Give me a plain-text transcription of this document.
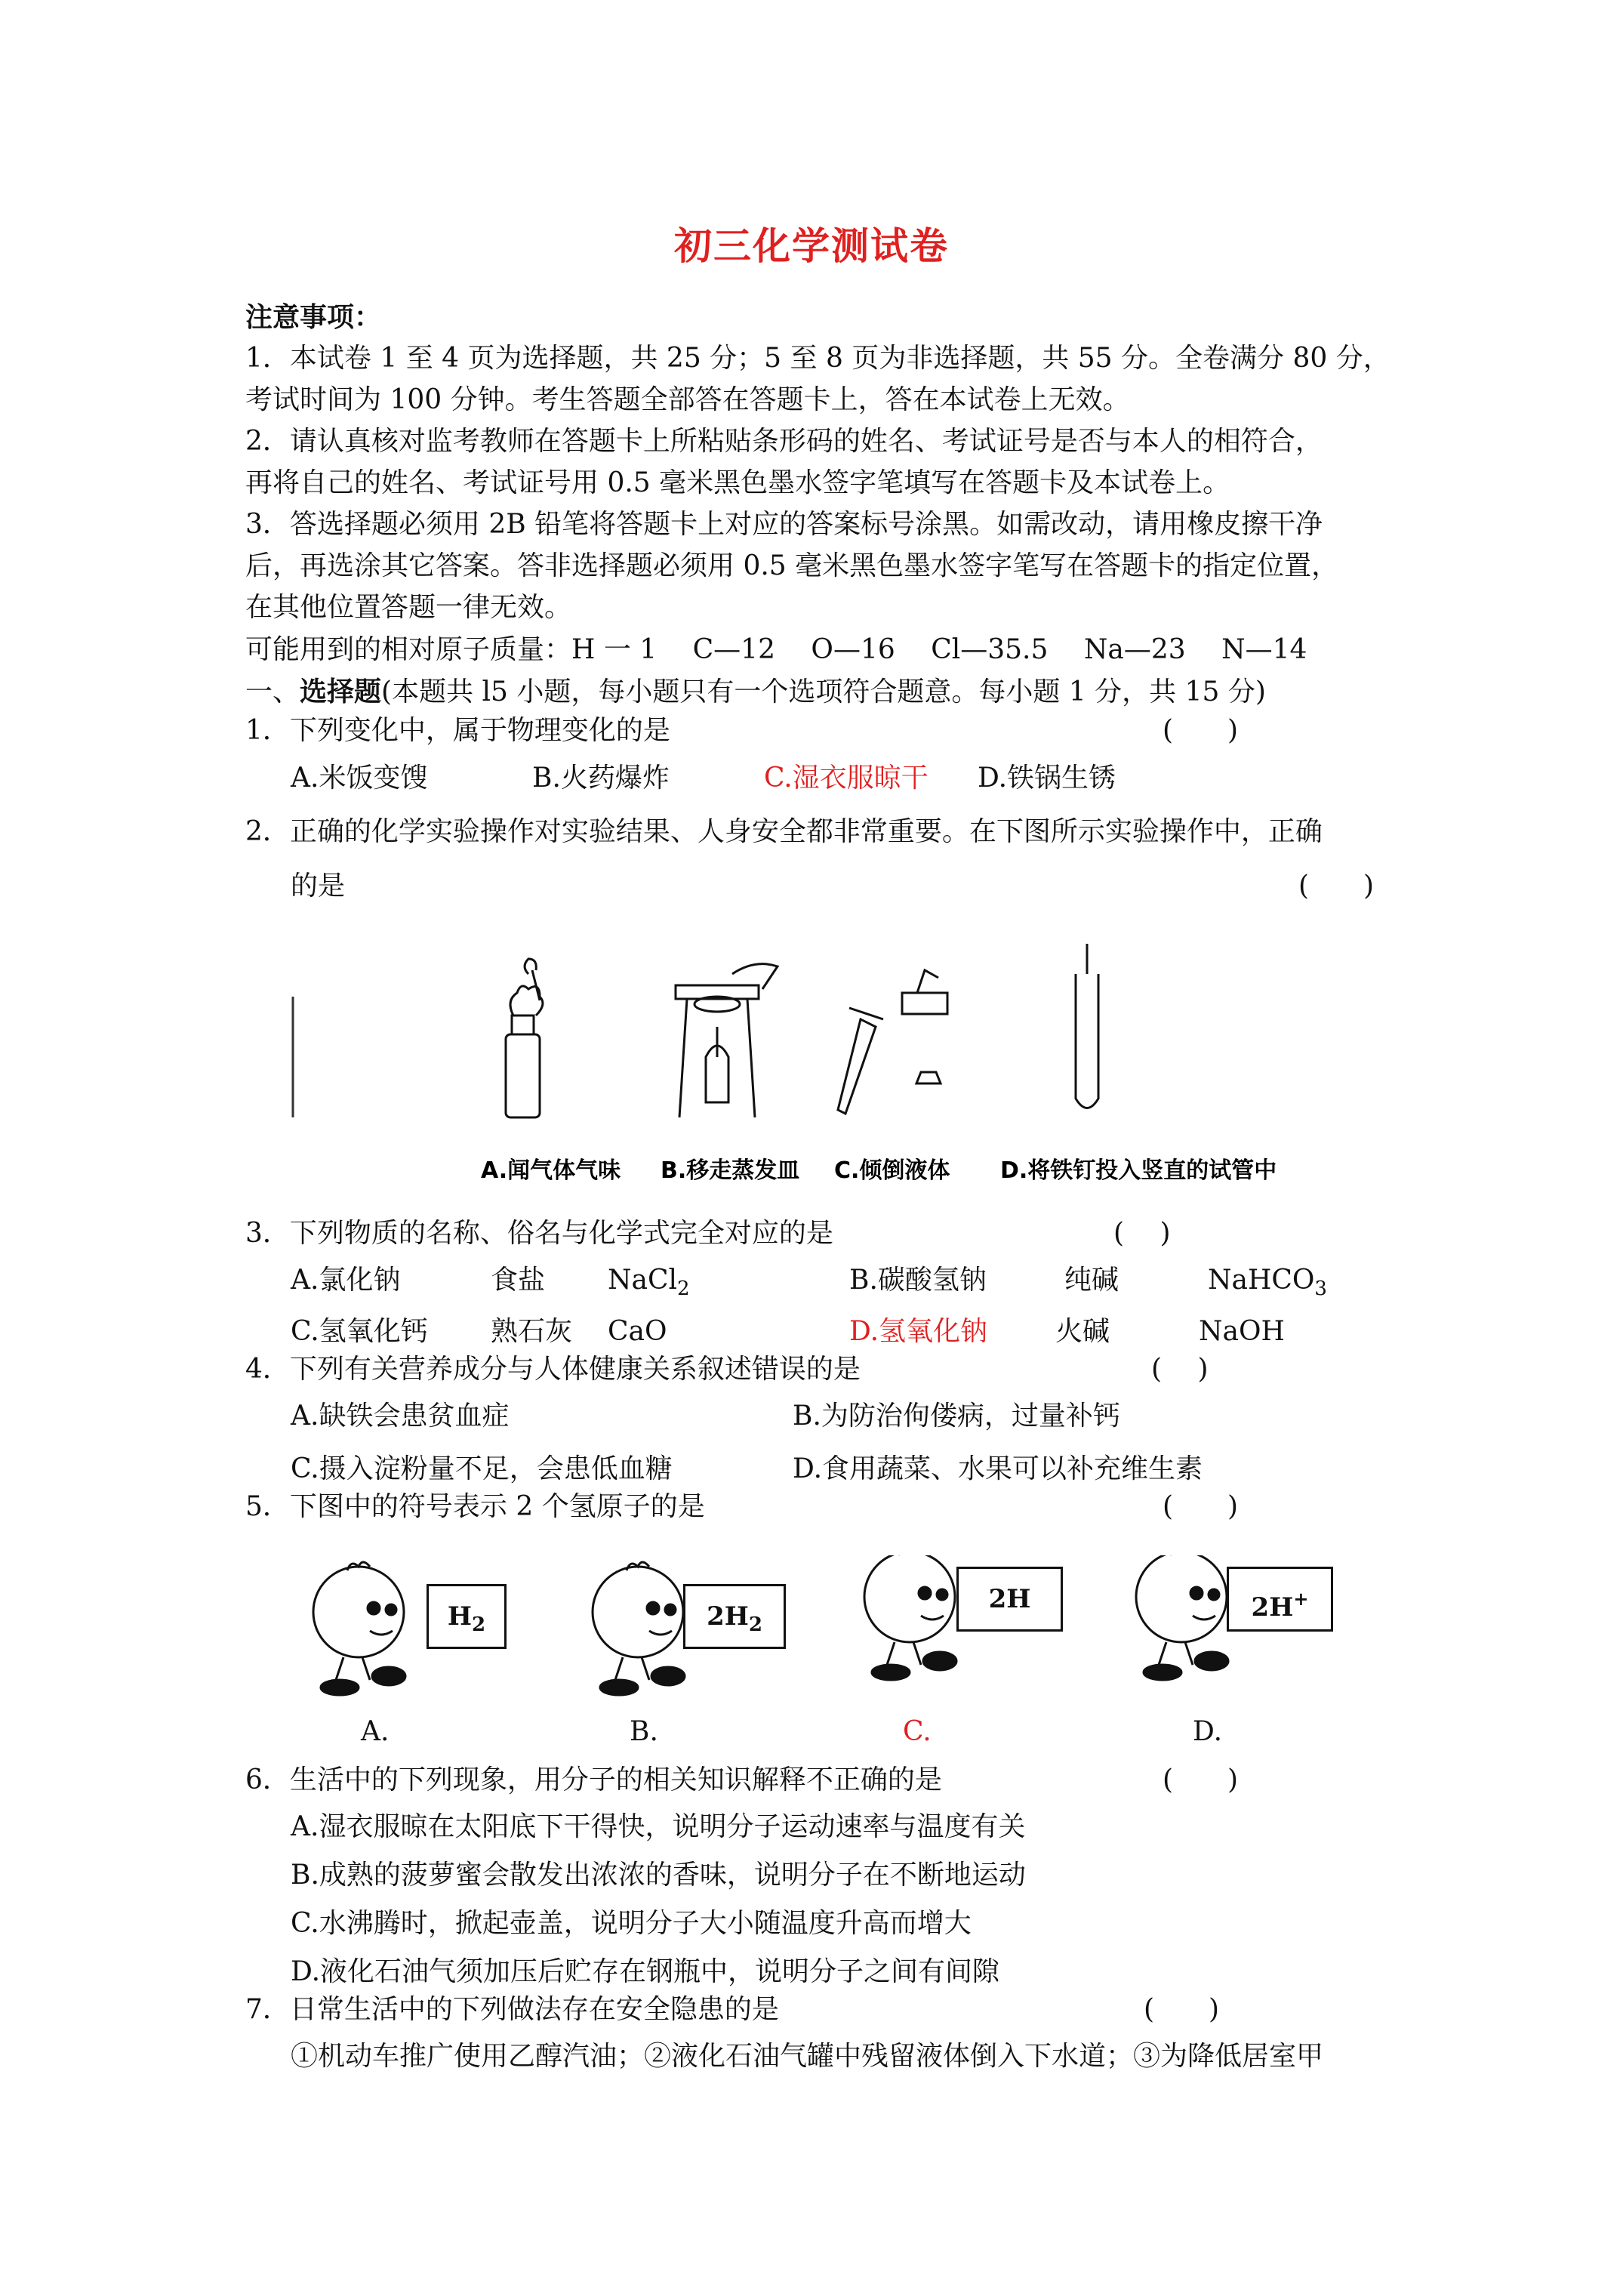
初三化学测试卷
注意事项：
1．本试卷 1 至 4 页为选择题，共 25 分；5 至 8 页为非选择题，共 55 分。全卷满分 80 分，
考试时间为 100 分钟。考生答题全部答在答题卡上，答在本试卷上无效。
2．请认真核对监考教师在答题卡上所粘贴条形码的姓名、考试证号是否与本人的相符合，
再将自己的姓名、考试证号用 0.5 毫米黑色墨水签字笔填写在答题卡及本试卷上。
3．答选择题必须用 2B 铅笔将答题卡上对应的答案标号涂黑。如需改动，请用橡皮擦干净
后，再选涂其它答案。答非选择题必须用 0.5 毫米黑色墨水签字笔写在答题卡的指定位置，
在其他位置答题一律无效。
可能用到的相对原子质量：H 一 1　 C—12　 O—16　 Cl—35.5　 Na—23　 N—14
一、选择题(本题共 l5 小题，每小题只有一个选项符合题意。每小题 1 分，共 15 分)
1．下列变化中，属于物理变化的是	(　　)
A.米饭变馊	B.火药爆炸	C.湿衣服晾干 D.铁锅生锈
2．正确的化学实验操作对实验结果、人身安全都非常重要。在下图所示实验操作中，正确
的是	(　　)
A.闻气体气味 B.移走蒸发皿 C.倾倒液体 D.将铁钉投入竖直的试管中
3．下列物质的名称、俗名与化学式完全对应的是	(　 )
A.氯化钠	食盐 NaCl$_2$	B.碳酸氢钠	纯碱	NaHCO$_3$
C.氢氧化钙 熟石灰 CaO	D.氢氧化钠 火碱	NaOH
4．下列有关营养成分与人体健康关系叙述错误的是	(　 )
A.缺铁会患贫血症	B.为防治佝偻病，过量补钙
C.摄入淀粉量不足，会患低血糖	D.食用蔬菜、水果可以补充维生素
5．下图中的符号表示 2 个氢原子的是	(　　)
$H_2$	$2H_2$
2H	2H+
A.	B.	C.	D.
6．生活中的下列现象，用分子的相关知识解释不正确的是	(　　)
A.湿衣服晾在太阳底下干得快，说明分子运动速率与温度有关
B.成熟的菠萝蜜会散发出浓浓的香味，说明分子在不断地运动
C.水沸腾时，掀起壶盖，说明分子大小随温度升高而增大
D.液化石油气须加压后贮存在钢瓶中，说明分子之间有间隙
7．日常生活中的下列做法存在安全隐患的是	(　　)
①机动车推广使用乙醇汽油；②液化石油气罐中残留液体倒入下水道；③为降低居室甲
